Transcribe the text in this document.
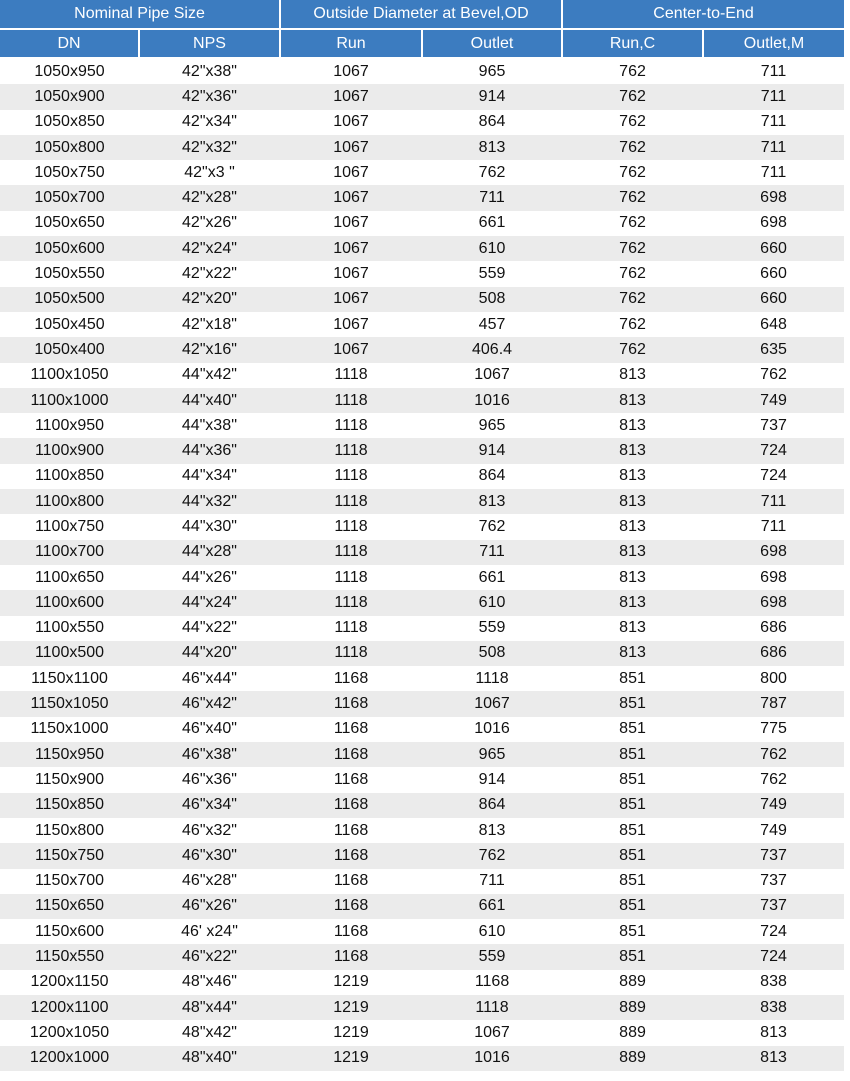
Nominal Pipe Size		Outside Diameter at Bevel,OD		Center-to-End	
DN	NPS	Run	Outlet	Run,C	Outlet,M
1050x950	42"x38"	1067	965	762	711
1050x900	42"x36"	1067	914	762	711
1050x850	42"x34"	1067	864	762	711
1050x800	42"x32"	1067	813	762	711
1050x750	42"x3 "	1067	762	762	711
1050x700	42"x28"	1067	711	762	698
1050x650	42"x26"	1067	661	762	698
1050x600	42"x24"	1067	610	762	660
1050x550	42"x22"	1067	559	762	660
1050x500	42"x20"	1067	508	762	660
1050x450	42"x18"	1067	457	762	648
1050x400	42"x16"	1067	406.4	762	635
1100x1050	44"x42"	1118	1067	813	762
1100x1000	44"x40"	1118	1016	813	749
1100x950	44"x38''	1118	965	813	737
1100x900	44"x36"	1118	914	813	724
1100x850	44"x34"	1118	864	813	724
1100x800	44"x32"	1118	813	813	711
1100x750	44"x30"	1118	762	813	711
1100x700	44"x28"	1118	711	813	698
1100x650	44"x26"	1118	661	813	698
1100x600	44"x24"	1118	610	813	698
1100x550	44"x22"	1118	559	813	686
1100x500	44"x20"	1118	508	813	686
1150x1100	46"x44"	1168	1118	851	800
1150x1050	46"x42"	1168	1067	851	787
1150x1000	46"x40"	1168	1016	851	775
1150x950	46"x38"	1168	965	851	762
1150x900	46"x36"	1168	914	851	762
1150x850	46"x34"	1168	864	851	749
1150x800	46"x32"	1168	813	851	749
1150x750	46"x30"	1168	762	851	737
1150x700	46"x28"	1168	711	851	737
1150x650	46"x26"	1168	661	851	737
1150x600	46' x24"	1168	610	851	724
1150x550	46"x22"	1168	559	851	724
1200x1150	48"x46"	1219	1168	889	838
1200x1100	48"x44"	1219	1118	889	838
1200x1050	48"x42"	1219	1067	889	813
1200x1000	48"x40"	1219	1016	889	813
